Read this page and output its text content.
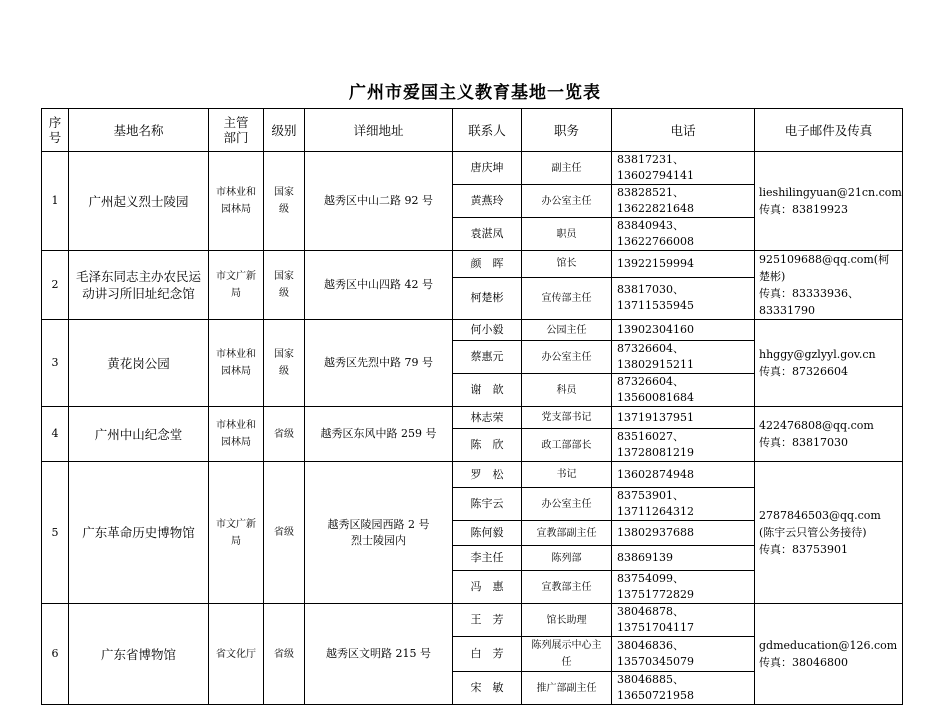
广州市爱国主义教育基地一览表
序号	基地名称	主管部门	级别	详细地址	联系人	职务	电话	电子邮件及传真
1	广州起义烈士陵园	市林业和园林局	国家级	越秀区中山二路 92 号	唐庆坤	副主任	83817231、13602794141	lieshilingyuan@21cn.com
传真：83819923

					黄燕玲	办公室主任	83828521、13622821648	
					袁湛凤	职员	83840943、13622766008	
2	毛泽东同志主办农民运动讲习所旧址纪念馆	市文广新局	国家级	越秀区中山四路 42 号	颜　晖	馆长	13922159994	925109688@qq.com(柯楚彬)
传真：83333936、83331790

					柯楚彬	宣传部主任	83817030、13711535945	
3	黄花岗公园	市林业和园林局	国家级	越秀区先烈中路 79 号	何小毅	公园主任	13902304160	hhggy@gzlyyl.gov.cn
传真：87326604

					蔡惠元	办公室主任	87326604、13802915211	
					谢　歆	科员	87326604、13560081684	
4	广州中山纪念堂	市林业和园林局	省级	越秀区东风中路 259 号	林志荣	党支部书记	13719137951	422476808@qq.com
传真：83817030

					陈　欣	政工部部长	83516027、13728081219	
5	广东革命历史博物馆	市文广新局	省级	越秀区陵园西路 2 号烈士陵园内	罗　松	书记	13602874948	2787846503@qq.com
(陈宇云只管公务接待)
传真：83753901

					陈宇云	办公室主任	83753901、13711264312	
					陈何毅	宣教部副主任	13802937688	
					李主任	陈列部	83869139	
					冯　惠	宣教部主任	83754099、13751772829	
6	广东省博物馆	省文化厅	省级	越秀区文明路 215 号	王　芳	馆长助理	38046878、13751704117	gdmeducation@126.com
传真：38046800

					白　芳	陈列展示中心主任	38046836、13570345079	
					宋　敏	推广部副主任	38046885、13650721958	
